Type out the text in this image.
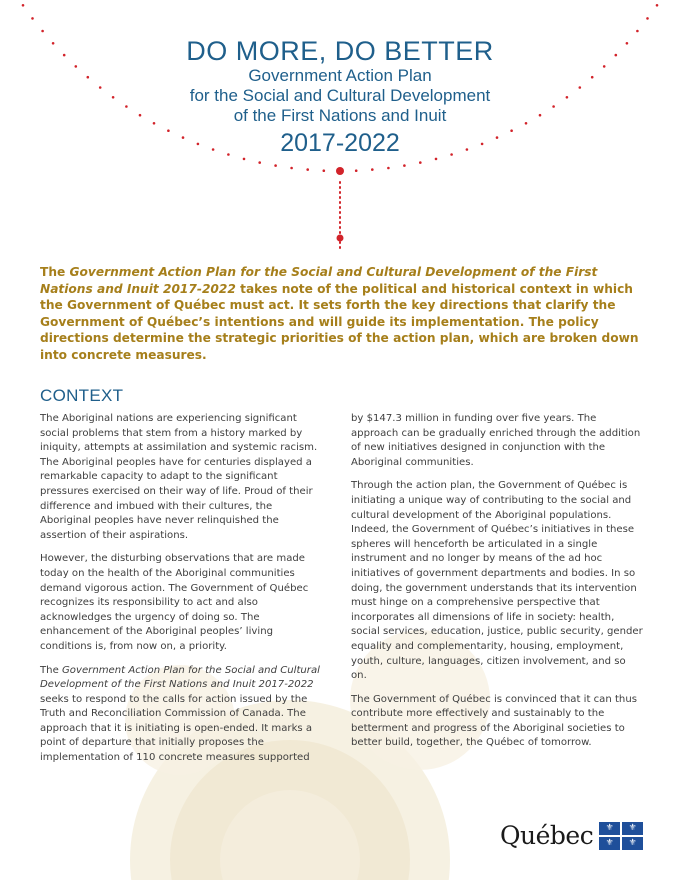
DO MORE, DO BETTER
Government Action Plan
for the Social and Cultural Development
of the First Nations and Inuit
2017-2022

The Government Action Plan for the Social and Cultural Development of the First Nations and Inuit 2017-2022 takes note of the political and historical context in which the Government of Québec must act. It sets forth the key directions that clarify the Government of Québec’s intentions and will guide its implementation. The policy directions determine the strategic priorities of the action plan, which are broken down into concrete measures.

CONTEXT

The Aboriginal nations are experiencing significant social problems that stem from a history marked by iniquity, attempts at assimilation and systemic racism. The Aboriginal peoples have for centuries displayed a remarkable capacity to adapt to the significant pressures exercised on their way of life. Proud of their difference and imbued with their cultures, the Aboriginal peoples have never relinquished the assertion of their aspirations.

However, the disturbing observations that are made today on the health of the Aboriginal communities demand vigorous action. The Government of Québec recognizes its responsibility to act and also acknowledges the urgency of doing so. The enhancement of the Aboriginal peoples’ living conditions is, from now on, a priority.

The Government Action Plan for the Social and Cultural Development of the First Nations and Inuit 2017-2022 seeks to respond to the calls for action issued by the Truth and Reconciliation Commission of Canada. The approach that it is initiating is open-ended. It marks a point of departure that initially proposes the implementation of 110 concrete measures supported

by $147.3 million in funding over five years. The approach can be gradually enriched through the addition of new initiatives designed in conjunction with the Aboriginal communities.

Through the action plan, the Government of Québec is initiating a unique way of contributing to the social and cultural development of the Aboriginal populations. Indeed, the Government of Québec’s initiatives in these spheres will henceforth be articulated in a single instrument and no longer by means of the ad hoc initiatives of government departments and bodies. In so doing, the government understands that its intervention must hinge on a comprehensive perspective that incorporates all dimensions of life in society: health, social services, education, justice, public security, gender equality and complementarity, housing, employment, youth, culture, languages, citizen involvement, and so on.

The Government of Québec is convinced that it can thus contribute more effectively and sustainably to the betterment and progress of the Aboriginal societies to better build, together, the Québec of tomorrow.

Québec	⚜	⚜
⚜	⚜
